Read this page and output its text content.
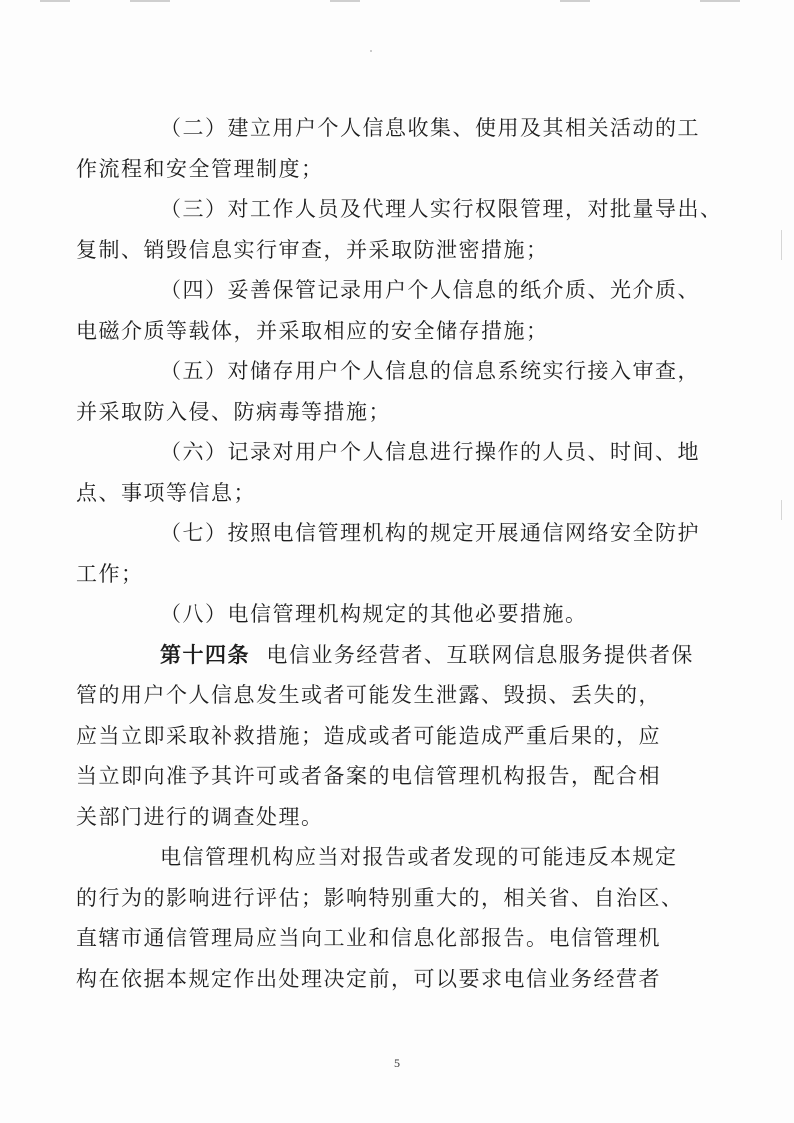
（二）建立用户个人信息收集、使用及其相关活动的工
作流程和安全管理制度；

（三）对工作人员及代理人实行权限管理，对批量导出、
复制、销毁信息实行审查，并采取防泄密措施；

（四）妥善保管记录用户个人信息的纸介质、光介质、
电磁介质等载体，并采取相应的安全储存措施；

（五）对储存用户个人信息的信息系统实行接入审查，
并采取防入侵、防病毒等措施；

（六）记录对用户个人信息进行操作的人员、时间、地
点、事项等信息；

（七）按照电信管理机构的规定开展通信网络安全防护
工作；

（八）电信管理机构规定的其他必要措施。

第十四条 电信业务经营者、互联网信息服务提供者保
管的用户个人信息发生或者可能发生泄露、毁损、丢失的，
应当立即采取补救措施；造成或者可能造成严重后果的，应
当立即向准予其许可或者备案的电信管理机构报告，配合相
关部门进行的调查处理。

电信管理机构应当对报告或者发现的可能违反本规定
的行为的影响进行评估；影响特别重大的，相关省、自治区、
直辖市通信管理局应当向工业和信息化部报告。电信管理机
构在依据本规定作出处理决定前，可以要求电信业务经营者

5
